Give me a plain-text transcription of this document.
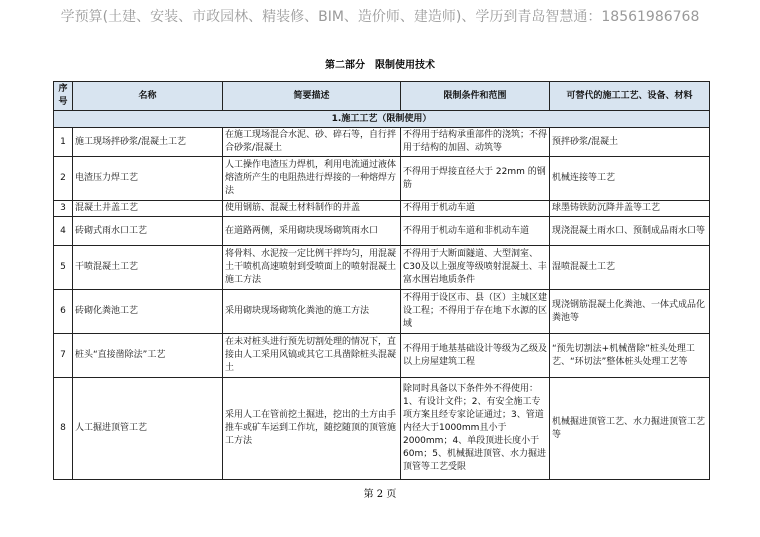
学预算(土建、安装、市政园林、精装修、BIM、造价师、建造师)、学历到青岛智慧通：18561986768
第二部分　限制使用技术
序号	名称	简要描述	限制条件和范围	可替代的施工工艺、设备、材料
1.施工工艺（限制使用）				
1	施工现场拌砂浆/混凝土工艺	在施工现场混合水泥、砂、碎石等，自行拌合砂浆/混凝土	不得用于结构承重部件的浇筑；不得用于结构的加固、动筑等	预拌砂浆/混凝土
2	电渣压力焊工艺	人工操作电渣压力焊机，利用电流通过液体熔渣所产生的电阻热进行焊接的一种熔焊方法	不得用于焊接直径大于 22mm 的钢筋	机械连接等工艺
3	混凝土井盖工艺	使用钢筋、混凝土材料制作的井盖	不得用于机动车道	球墨铸铁防沉降井盖等工艺
4	砖砌式雨水口工艺	在道路两侧，采用砌块现场砌筑雨水口	不得用于机动车道和非机动车道	现浇混凝土雨水口、预制成品雨水口等
5	干喷混凝土工艺	将骨料、水泥按一定比例干拌均匀，用混凝土干喷机高速喷射到受喷面上的喷射混凝土施工方法	不得用于大断面隧道、大型洞室、C30及以上强度等级喷射混凝土、丰富水围岩地质条件	湿喷混凝土工艺
6	砖砌化粪池工艺	采用砌块现场砌筑化粪池的施工方法	不得用于设区市、县（区）主城区建设工程；不得用于存在地下水源的区域	现浇钢筋混凝土化粪池、一体式成品化粪池等
7	桩头“直接凿除法”工艺	在未对桩头进行预先切割处理的情况下，直接由人工采用风镐或其它工具凿除桩头混凝土	不得用于地基基础设计等级为乙级及以上房屋建筑工程	“预先切割法+机械凿除”桩头处理工艺、“环切法”整体桩头处理工艺等
8	人工掘进顶管工艺	采用人工在管前挖土掘进，挖出的土方由手推车或矿车运到工作坑，随挖随顶的顶管施工方法	除同时具备以下条件外不得使用：1、有设计文件；2、有安全施工专项方案且经专家论证通过；3、管道内径大于1000mm且小于2000mm；4、单段顶进长度小于60m；5、机械掘进顶管、水力掘进顶管等工艺受限	机械掘进顶管工艺、水力掘进顶管工艺等
第 2 页
